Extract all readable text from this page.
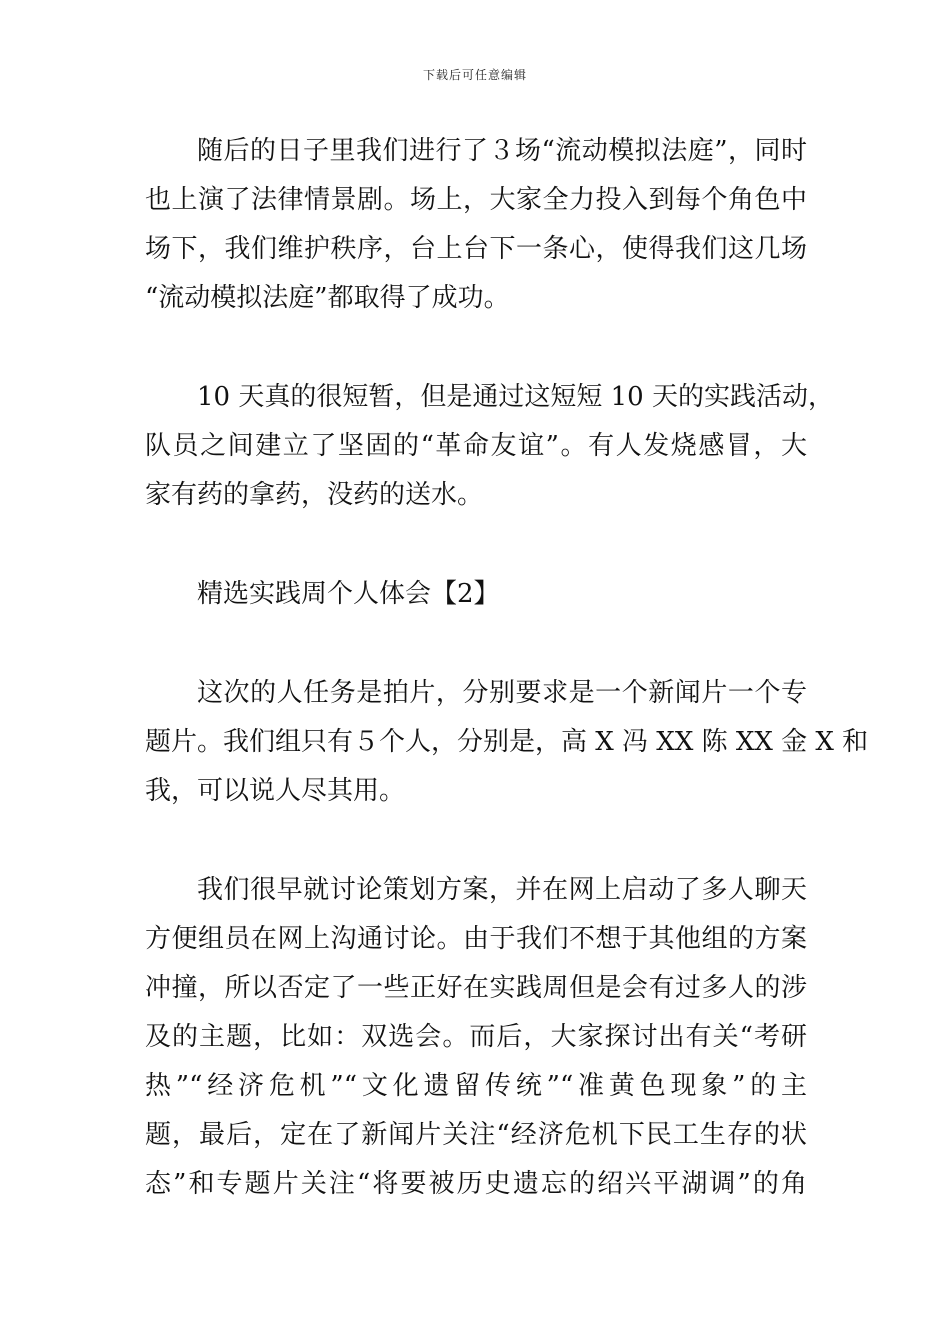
下载后可任意编辑
随后的日子里我们进行了３场“流动模拟法庭”，同时
也上演了法律情景剧。场上，大家全力投入到每个角色中
场下，我们维护秩序，台上台下一条心，使得我们这几场
“流动模拟法庭”都取得了成功。
10 天真的很短暂，但是通过这短短 10 天的实践活动，
队员之间建立了坚固的“革命友谊”。有人发烧感冒，大
家有药的拿药，没药的送水。
精选实践周个人体会【2】
这次的人任务是拍片，分别要求是一个新闻片一个专
题片。我们组只有５个人，分别是，高 X 冯 XX 陈 XX 金 X 和
我，可以说人尽其用。
我们很早就讨论策划方案，并在网上启动了多人聊天
方便组员在网上沟通讨论。由于我们不想于其他组的方案
冲撞，所以否定了一些正好在实践周但是会有过多人的涉
及的主题，比如：双选会。而后，大家探讨出有关“考研
热”“经济危机”“文化遗留传统”“准黄色现象”的主
题，最后，定在了新闻片关注“经济危机下民工生存的状
态”和专题片关注“将要被历史遗忘的绍兴平湖调”的角
